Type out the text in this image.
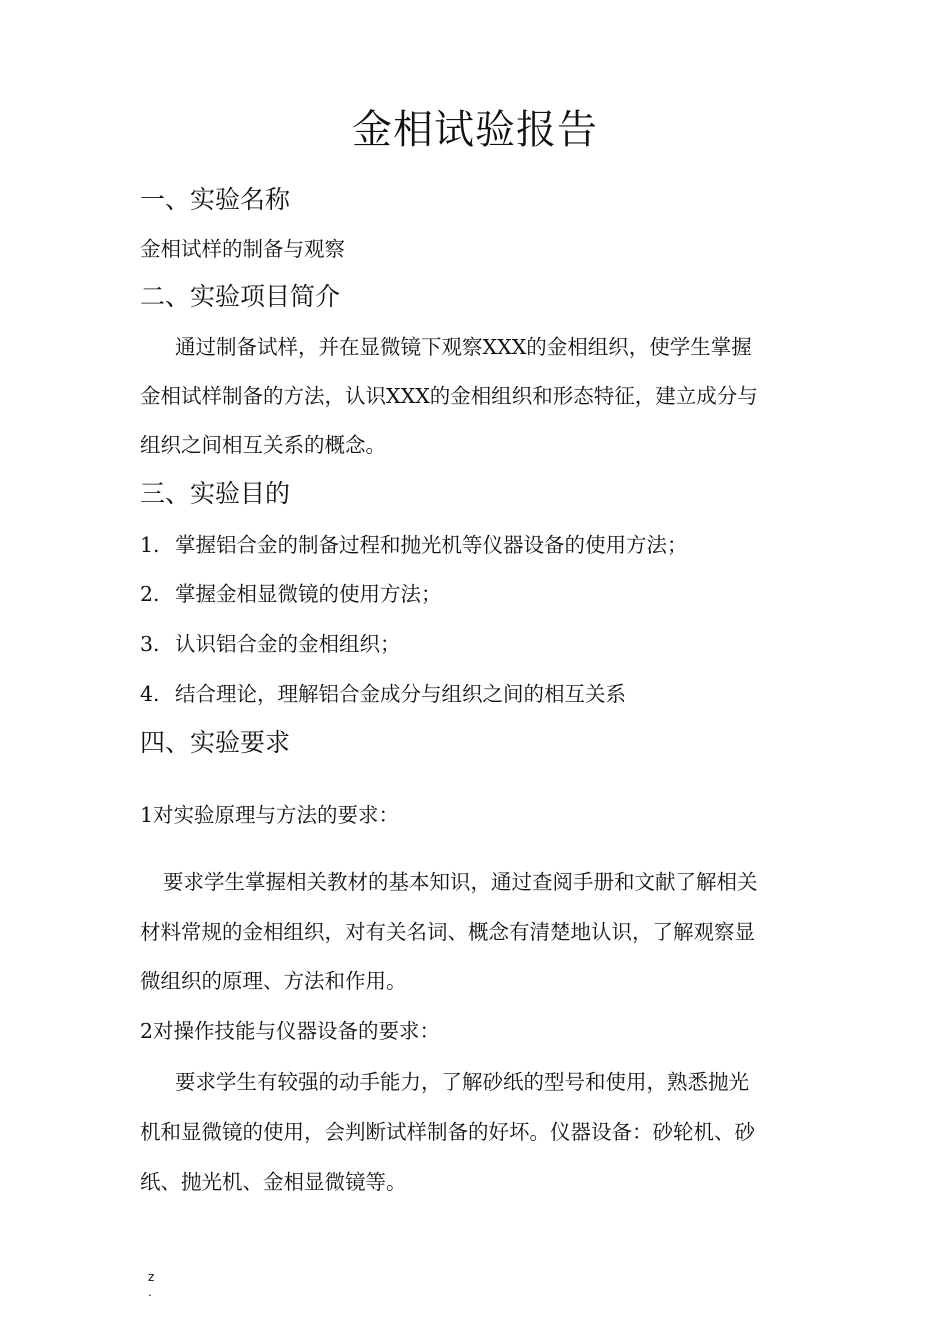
金相试验报告
一、实验名称
金相试样的制备与观察
二、实验项目简介
通过制备试样，并在显微镜下观察XXX的金相组织，使学生掌握
金相试样制备的方法，认识XXX的金相组织和形态特征，建立成分与
组织之间相互关系的概念。
三、实验目的
1. 掌握铝合金的制备过程和抛光机等仪器设备的使用方法；
2. 掌握金相显微镜的使用方法；
3. 认识铝合金的金相组织；
4. 结合理论，理解铝合金成分与组织之间的相互关系
四、实验要求
1对实验原理与方法的要求：
要求学生掌握相关教材的基本知识，通过查阅手册和文献了解相关
材料常规的金相组织，对有关名词、概念有清楚地认识，了解观察显
微组织的原理、方法和作用。
2对操作技能与仪器设备的要求：
要求学生有较强的动手能力，了解砂纸的型号和使用，熟悉抛光
机和显微镜的使用，会判断试样制备的好坏。仪器设备：砂轮机、砂
纸、抛光机、金相显微镜等。
z
.
